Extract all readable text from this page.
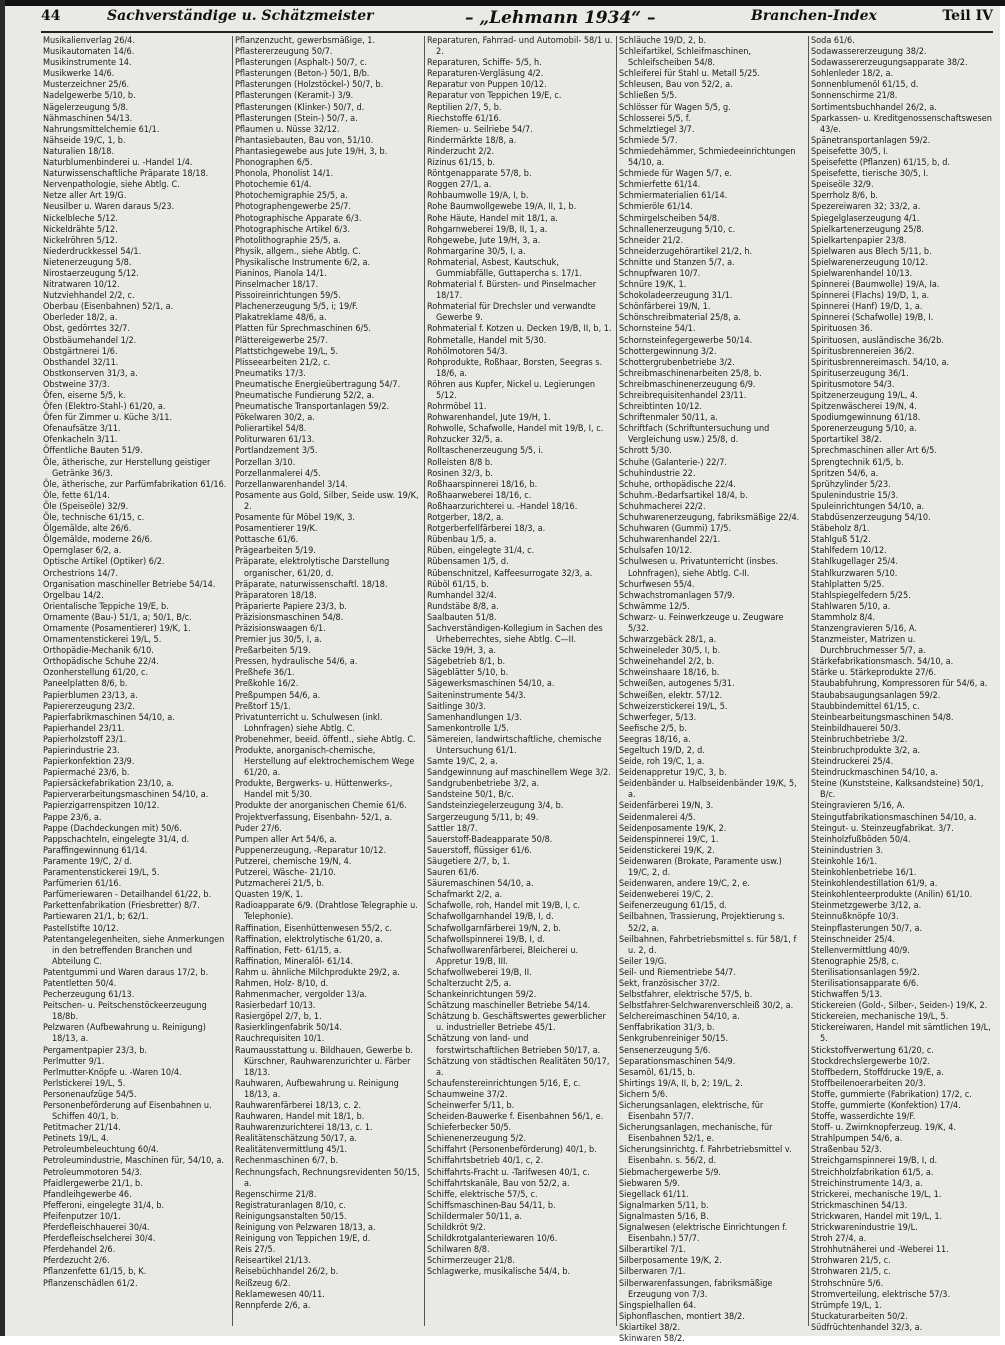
44	Sachverständige u. Schätzmeister	– „Lehmann 1934“ –	Branchen-Index	Teil IV
Musikalienverlag 26/4.
Musikautomaten 14/6.
Musikinstrumente 14.
Musikwerke 14/6.
Musterzeichner 25/6.
Nadelgewerbe 5/10, b.
Nägelerzeugung 5/8.
Nähmaschinen 54/13.
Nahrungsmittelchemie 61/1.
Nähseide 19/C, 1, b.
Naturalien 18/18.
Naturblumenbinderei u. -Handel 1/4.
Naturwissenschaftliche Präparate 18/18.
Nervenpathologie, siehe Abtlg. C.
Netze aller Art 19/G.
Neusilber u. Waren daraus 5/23.
Nickelbleche 5/12.
Nickeldrähte 5/12.
Nickelröhren 5/12.
Niederdruckkessel 54/1.
Nietenerzeugung 5/8.
Nirostaerzeugung 5/12.
Nitratwaren 10/12.
Nutzviehhandel 2/2, c.
Oberbau (Eisenbahnen) 52/1, a.
Oberleder 18/2, a.
Obst, gedörrtes 32/7.
Obstbäumehandel 1/2.
Obstgärtnerei 1/6.
Obsthandel 32/11.
Obstkonserven 31/3, a.
Obstweine 37/3.
Öfen, eiserne 5/5, k.
Öfen (Elektro-Stahl-) 61/20, a.
Öfen für Zimmer u. Küche 3/11.
Ofenaufsätze 3/11.
Ofenkacheln 3/11.
Öffentliche Bauten 51/9.
Öle, ätherische, zur Herstellung geistiger Getränke 36/3.
Öle, ätherische, zur Parfümfabrikation 61/16.
Öle, fette 61/14.
Öle (Speiseöle) 32/9.
Öle, technische 61/15, c.
Ölgemälde, alte 26/6.
Ölgemälde, moderne 26/6.
Opernglaser 6/2, a.
Optische Artikel (Optiker) 6/2.
Orchestrions 14/7.
Organisation maschineller Betriebe 54/14.
Orgelbau 14/2.
Orientalische Teppiche 19/E, b.
Ornamente (Bau-) 51/1, a; 50/1, B/c.
Ornamente (Posamentierer) 19/K, 1.
Ornamentenstickerei 19/L, 5.
Orthopädie-Mechanik 6/10.
Orthopädische Schuhe 22/4.
Ozonherstellung 61/20, c.
Paneelplatten 8/6, b.
Papierblumen 23/13, a.
Papiererzeugung 23/2.
Papierfabrikmaschinen 54/10, a.
Papierhandel 23/11.
Papierholzstoff 23/1.
Papierindustrie 23.
Papierkonfektion 23/9.
Papiermaché 23/6, b.
Papiersäckefabrikation 23/10, a.
Papierverarbeitungsmaschinen 54/10, a.
Papierzigarrenspitzen 10/12.
Pappe 23/6, a.
Pappe (Dachdeckungen mit) 50/6.
Pappschachteln, eingelegte 31/4, d.
Paraffingewinnung 61/14.
Paramente 19/C, 2/ d.
Paramentenstickerei 19/L, 5.
Parfümerien 61/16.
Parfümeriewaren - Detailhandel 61/22, b.
Parkettenfabrikation (Friesbretter) 8/7.
Partiewaren 21/1, b; 62/1.
Pastellstifte 10/12.
Patentangelegenheiten, siehe Anmerkungen in den betreffenden Branchen und Abteilung C.
Patentgummi und Waren daraus 17/2, b.
Patentletten 50/4.
Pecherzeugung 61/13.
Peitschen- u. Peitschenstöckeerzeugung 18/8b.
Pelzwaren (Aufbewahrung u. Reinigung) 18/13, a.
Pergamentpapier 23/3, b.
Perlmutter 9/1.
Perlmutter-Knöpfe u. -Waren 10/4.
Perlstickerei 19/L, 5.
Personenaufzüge 54/5.
Personenbeförderung auf Eisenbahnen u. Schiffen 40/1, b.
Petitmacher 21/14.
Petinets 19/L, 4.
Petroleumbeleuchtung 60/4.
Petroleumindustrie, Maschinen für, 54/10, a.
Petroleummotoren 54/3.
Pfaidlergewerbe 21/1, b.
Pfandleihgewerbe 46.
Pfefferoni, eingelegte 31/4, b.
Pfeifenputzer 10/1.
Pferdefleischhauerei 30/4.
Pferdefleischselcherei 30/4.
Pferdehandel 2/6.
Pferdezucht 2/6.
Pflanzenfette 61/15, b, K.
Pflanzenschädlen 61/2.
Pflanzenzucht, gewerbsmäßige, 1.
Pflastererzeugung 50/7.
Pflasterungen (Asphalt-) 50/7, c.
Pflasterungen (Beton-) 50/1, B/b.
Pflasterungen (Holzstöckel-) 50/7, b.
Pflasterungen (Keramit-) 3/9.
Pflasterungen (Klinker-) 50/7, d.
Pflasterungen (Stein-) 50/7, a.
Pflaumen u. Nüsse 32/12.
Phantasiebauten, Bau von, 51/10.
Phantasiegewebe aus Jute 19/H, 3, b.
Phonographen 6/5.
Phonola, Phonolist 14/1.
Photochemie 61/4.
Photochemigraphie 25/5, a.
Photographengewerbe 25/7.
Photographische Apparate 6/3.
Photographische Artikel 6/3.
Photolithographie 25/5, a.
Physik, allgem., siehe Abtlg. C.
Physikalische Instrumente 6/2, a.
Pianinos, Pianola 14/1.
Pinselmacher 18/17.
Pissoireinrichtungen 59/5.
Plachenerzeugung 5/5, i; 19/F.
Plakatreklame 48/6, a.
Platten für Sprechmaschinen 6/5.
Plättereigewerbe 25/7.
Plattstichgewebe 19/L, 5.
Plisseearbeiten 21/2, c.
Pneumatiks 17/3.
Pneumatische Energieübertragung 54/7.
Pneumatische Fundierung 52/2, a.
Pneumatische Transportanlagen 59/2.
Pökelwaren 30/2, a.
Polierartikel 54/8.
Politurwaren 61/13.
Portlandzement 3/5.
Porzellan 3/10.
Porzellanmalerei 4/5.
Porzellanwarenhandel 3/14.
Posamente aus Gold, Silber, Seide usw. 19/K, 2.
Posamente für Möbel 19/K, 3.
Posamentierer 19/K.
Pottasche 61/6.
Prägearbeiten 5/19.
Präparate, elektrolytische Darstellung organischer, 61/20, d.
Präparate, naturwissenschaftl. 18/18.
Präparatoren 18/18.
Präparierte Papiere 23/3, b.
Präzisionsmaschinen 54/8.
Präzisionswaagen 6/1.
Premier jus 30/5, I, a.
Preßarbeiten 5/19.
Pressen, hydraulische 54/6, a.
Preßhefe 36/1.
Preßkohle 16/2.
Preßpumpen 54/6, a.
Preßtorf 15/1.
Privatunterricht u. Schulwesen (inkl. Lohnfragen) siehe Abtlg. C.
Probenehmer, beeid. öffentl., siehe Abtlg. C.
Produkte, anorganisch-chemische, Herstellung auf elektrochemischem Wege 61/20, a.
Produkte, Bergwerks- u. Hüttenwerks-, Handel mit 5/30.
Produkte der anorganischen Chemie 61/6.
Projektverfassung, Eisenbahn- 52/1, a.
Puder 27/6.
Pumpen aller Art 54/6, a.
Puppenerzeugung, -Reparatur 10/12.
Putzerei, chemische 19/N, 4.
Putzerei, Wäsche- 21/10.
Putzmacherei 21/5, b.
Quasten 19/K, 1.
Radioapparate 6/9. (Drahtlose Telegraphie u. Telephonie).
Raffination, Eisenhüttenwesen 55/2, c.
Raffination, elektrolytische 61/20, a.
Raffination, Fett- 61/15, a.
Raffination, Mineralöl- 61/14.
Rahm u. ähnliche Milchprodukte 29/2, a.
Rahmen, Holz- 8/10, d.
Rahmenmacher, vergolder 13/a.
Rasierbedarf 10/13.
Rasiergöpel 2/7, b, 1.
Rasierklingenfabrik 50/14.
Rauchrequisiten 10/1.
Raumausstattung u. Bildhauen, Gewerbe b. Kürschner, Rauhwarenzurichter u. Färber 18/13.
Rauhwaren, Aufbewahrung u. Reinigung 18/13, a.
Rauhwarenfärberei 18/13, c. 2.
Rauhwaren, Handel mit 18/1, b.
Rauhwarenzurichterei 18/13, c. 1.
Realitätenschätzung 50/17, a.
Realitätenvermittlung 45/1.
Rechenmaschinen 6/7, b.
Rechnungsfach, Rechnungsrevidenten 50/15, a.
Regenschirme 21/8.
Registraturanlagen 8/10, c.
Reinigungsanstalten 50/15.
Reinigung von Pelzwaren 18/13, a.
Reinigung von Teppichen 19/E, d.
Reis 27/5.
Reiseartikel 21/13.
Reisebüchhandel 26/2, b.
Reißzeug 6/2.
Reklamewesen 40/11.
Rennpferde 2/6, a.
Reparaturen, Fahrrad- und Automobil- 58/1 u. 2.
Reparaturen, Schiffe- 5/5, h.
Reparaturen-Vergläsung 4/2.
Reparatur von Puppen 10/12.
Reparatur von Teppichen 19/E, c.
Reptilien 2/7, 5, b.
Riechstoffe 61/16.
Riemen- u. Seilriebe 54/7.
Rindermärkte 18/8, a.
Rinderzucht 2/2.
Rizinus 61/15, b.
Röntgenapparate 57/8, b.
Roggen 27/1, a.
Rohbaumwolle 19/A, I, b.
Rohe Baumwollgewebe 19/A, II, 1, b.
Rohe Häute, Handel mit 18/1, a.
Rohgarnweberei 19/B, II, 1, a.
Rohgewebe, Jute 19/H, 3, a.
Rohmargarine 30/5, I, a.
Rohmaterial, Asbest, Kautschuk, Gummiabfälle, Guttapercha s. 17/1.
Rohmaterial f. Bürsten- und Pinselmacher 18/17.
Rohmaterial für Drechsler und verwandte Gewerbe 9.
Rohmaterial f. Kotzen u. Decken 19/B, II, b, 1.
Rohmetalle, Handel mit 5/30.
Rohölmotoren 54/3.
Rohprodukte, Roßhaar, Borsten, Seegras s. 18/6, a.
Röhren aus Kupfer, Nickel u. Legierungen 5/12.
Rohrmöbel 11.
Rohwarenhandel, Jute 19/H, 1.
Rohwolle, Schafwolle, Handel mit 19/B, I, c.
Rohzucker 32/5, a.
Rolltaschenerzeugung 5/5, i.
Rolleisten 8/8 b.
Rosinen 32/3, b.
Roßhaarspinnerei 18/16, b.
Roßhaarweberei 18/16, c.
Roßhaarzurichterei u. -Handel 18/16.
Rotgerber, 18/2, a.
Rotgerberfellfärberei 18/3, a.
Rübenbau 1/5, a.
Rüben, eingelegte 31/4, c.
Rübensamen 1/5, d.
Rübenschnitzel, Kaffeesurrogate 32/3, a.
Rüböl 61/15, b.
Rumhandel 32/4.
Rundstäbe 8/8, a.
Saalbauten 51/8.
Sachverständigen-Kollegium in Sachen des Urheberrechtes, siehe Abtlg. C—II.
Säcke 19/H, 3, a.
Sägebetrieb 8/1, b.
Sägeblätter 5/10, b.
Sägewerksmaschinen 54/10, a.
Saiteninstrumente 54/3.
Saitlinge 30/3.
Samenhandlungen 1/3.
Samenkontrolle 1/5.
Sämereien, landwirtschaftliche, chemische Untersuchung 61/1.
Samte 19/C, 2, a.
Sandgewinnung auf maschinellem Wege 3/2.
Sandgrubenbetriebe 3/2, a.
Sandsteine 50/1, B/c.
Sandsteinziegelerzeugung 3/4, b.
Sargerzeugung 5/11, b; 49.
Sattler 18/7.
Sauerstoff-Badeapparate 50/8.
Sauerstoff, flüssiger 61/6.
Säugetiere 2/7, b, 1.
Sauren 61/6.
Säuremaschinen 54/10, a.
Schafmarkt 2/2, a.
Schafwolle, roh, Handel mit 19/B, I, c.
Schafwollgarnhandel 19/B, I, d.
Schafwollgarnfärberei 19/N, 2, b.
Schafwollspinnerei 19/B, I, d.
Schafwollwarenfärberei, Bleicherei u. Appretur 19/B, III.
Schafwollweberei 19/B, II.
Schalterzucht 2/5, a.
Schankeinrichtungen 59/2.
Schätzung maschineller Betriebe 54/14.
Schätzung b. Geschäftswertes gewerblicher u. industrieller Betriebe 45/1.
Schätzung von land- und forstwirtschaftlichen Betrieben 50/17, a.
Schätzung von städtischen Realitäten 50/17, a.
Schaufenstereinrichtungen 5/16, E, c.
Schaumweine 37/2.
Scheinwerfer 5/11, b.
Scheiden-Bauwerke f. Eisenbahnen 56/1, e.
Schieferbecker 50/5.
Schienenerzeugung 5/2.
Schiffahrt (Personenbeförderung) 40/1, b.
Schiffahrtsbetrieb 40/1, c, 2.
Schiffahrts-Fracht u. -Tarifwesen 40/1, c.
Schiffahrtskanäle, Bau von 52/2, a.
Schiffe, elektrische 57/5, c.
Schiffsmaschinen-Bau 54/11, b.
Schildermaler 50/11, a.
Schildkröt 9/2.
Schildkrotgalanteriewaren 10/6.
Schilwaren 8/8.
Schirmerzeuger 21/8.
Schlagwerke, musikalische 54/4, b.
Schläuche 19/D, 2, b.
Schleifartikel, Schleifmaschinen, Schleifscheiben 54/8.
Schleiferei für Stahl u. Metall 5/25.
Schleusen, Bau von 52/2, a.
Schließen 5/5.
Schlösser für Wagen 5/5, g.
Schlosserei 5/5, f.
Schmelztiegel 3/7.
Schmiede 5/7.
Schmiedehämmer, Schmiedeeinrichtungen 54/10, a.
Schmiede für Wagen 5/7, e.
Schmierfette 61/14.
Schmiermaterialien 61/14.
Schmieröle 61/14.
Schmirgelscheiben 54/8.
Schnallenerzeugung 5/10, c.
Schneider 21/2.
Schneiderzugehörartikel 21/2, h.
Schnitte und Stanzen 5/7, a.
Schnupfwaren 10/7.
Schnüre 19/K, 1.
Schokoladeerzeugung 31/1.
Schönfärberei 19/N, 1.
Schönschreibmaterial 25/8, a.
Schornsteine 54/1.
Schornsteinfegergewerbe 50/14.
Schottergewinnung 3/2.
Schottergrubenbetriebe 3/2.
Schreibmaschinenarbeiten 25/8, b.
Schreibmaschinenerzeugung 6/9.
Schreibrequisitenhandel 23/11.
Schreibtinten 10/12.
Schriftenmaler 50/11, a.
Schriftfach (Schriftuntersuchung und Vergleichung usw.) 25/8, d.
Schrott 5/30.
Schuhe (Galanterie-) 22/7.
Schuhindustrie 22.
Schuhe, orthopädische 22/4.
Schuhm.-Bedarfsartikel 18/4, b.
Schuhmacherei 22/2.
Schuhwarenerzeugung, fabriksmäßige 22/4.
Schuhwaren (Gummi) 17/5.
Schuhwarenhandel 22/1.
Schulsafen 10/12.
Schulwesen u. Privatunterricht (insbes. Lohnfragen), siehe Abtlg. C-II.
Schurfwesen 55/4.
Schwachstromanlagen 57/9.
Schwämme 12/5.
Schwarz- u. Feinwerkzeuge u. Zeugware 5/32.
Schwarzgebäck 28/1, a.
Schweineleder 30/5, I, b.
Schweinehandel 2/2, b.
Schweinshaare 18/16, b.
Schweißen, autogenes 5/31.
Schweißen, elektr. 57/12.
Schweizerstickerei 19/L, 5.
Schwerfeger, 5/13.
Seefische 2/5, b.
Seegras 18/16, a.
Segeltuch 19/D, 2, d.
Seide, roh 19/C, 1, a.
Seidenappretur 19/C, 3, b.
Seidenbänder u. Halbseidenbänder 19/K, 5, a.
Seidenfärberei 19/N, 3.
Seidenmalerei 4/5.
Seidenposamente 19/K, 2.
Seidenspinnerei 19/C, 1.
Seidenstickerei 19/K, 2.
Seidenwaren (Brokate, Paramente usw.) 19/C, 2, d.
Seidenwaren, andere 19/C, 2, e.
Seidenweberei 19/C, 2.
Seifenerzeugung 61/15, d.
Seilbahnen, Trassierung, Projektierung s. 52/2, a.
Seilbahnen, Fahrbetriebsmittel s. für 58/1, f u. 2, d.
Seiler 19/G.
Seil- und Riementriebe 54/7.
Sekt, französischer 37/2.
Selbstfahrer, elektrische 57/5, b.
Selbstfahrer-Selchwarenverschleiß 30/2, a.
Selchereimaschinen 54/10, a.
Senffabrikation 31/3, b.
Senkgrubenreiniger 50/15.
Sensenerzeugung 5/6.
Separationsmaschinen 54/9.
Sesamöl, 61/15, b.
Shirtings 19/A, II, b, 2; 19/L, 2.
Sichern 5/6.
Sicherungsanlagen, elektrische, für Eisenbahn 57/7.
Sicherungsanlagen, mechanische, für Eisenbahnen 52/1, e.
Sicherungsinrichtg. f. Fahrbetriebsmittel v. Eisenbahn. s. 56/2, d.
Siebmachergewerbe 5/9.
Siebwaren 5/9.
Siegellack 61/11.
Signalmarken 5/11, b.
Signalmasten 5/16, B.
Signalwesen (elektrische Einrichtungen f. Eisenbahn.) 57/7.
Silberartikel 7/1.
Silberposamente 19/K, 2.
Silberwaren 7/1.
Silberwarenfassungen, fabriksmäßige Erzeugung von 7/3.
Singspielhallen 64.
Siphonflaschen, montiert 38/2.
Skiartikel 38/2.
Skinwaren 58/2.
Soda 61/6.
Sodawassererzeugung 38/2.
Sodawassererzeugungsapparate 38/2.
Sohlenleder 18/2, a.
Sonnenblumenöl 61/15, d.
Sonnenschirme 21/8.
Sortimentsbuchhandel 26/2, a.
Sparkassen- u. Kreditgenossenschaftswesen 43/e.
Spänetransportanlagen 59/2.
Speisefette 30/5, I.
Speisefette (Pflanzen) 61/15, b, d.
Speisefette, tierische 30/5, I.
Speiseöle 32/9.
Sperrholz 8/6, b.
Spezereiwaren 32; 33/2, a.
Spiegelglaserzeugung 4/1.
Spielkartenerzeugung 25/8.
Spielkartenpapier 23/8.
Spielwaren aus Blech 5/11, b.
Spielwarenerzeugung 10/12.
Spielwarenhandel 10/13.
Spinnerei (Baumwolle) 19/A, Ia.
Spinnerei (Flachs) 19/D, 1, a.
Spinnerei (Hanf) 19/D, 1, a.
Spinnerei (Schafwolle) 19/B, I.
Spirituosen 36.
Spirituosen, ausländische 36/2b.
Spiritusbrennereien 36/2.
Spiritusbrennereimasch. 54/10, a.
Spirituserzeugung 36/1.
Spiritusmotore 54/3.
Spitzenerzeugung 19/L, 4.
Spitzenwäscherei 19/N, 4.
Spodiumgewinnung 61/18.
Sporenerzeugung 5/10, a.
Sportartikel 38/2.
Sprechmaschinen aller Art 6/5.
Sprengtechnik 61/5, b.
Spritzen 54/6, a.
Sprühzylinder 5/23.
Spulenindustrie 15/3.
Spuleinrichtungen 54/10, a.
Stabdüsenzerzeugung 54/10.
Stäbeholz 8/1.
Stahlguß 51/2.
Stahlfedern 10/12.
Stahlkugellager 25/4.
Stahlkurzwaren 5/10.
Stahlplatten 5/25.
Stahlspiegelfedern 5/25.
Stahlwaren 5/10, a.
Stammholz 8/4.
Stanzengravieren 5/16, A.
Stanzmeister, Matrizen u. Durchbruchmesser 5/7, a.
Stärkefabrikationsmasch. 54/10, a.
Stärke u. Stärkeprodukte 27/6.
Staubabfuhrung, Kompressoren für 54/6, a.
Staubabsaugungsanlagen 59/2.
Staubbindemittel 61/15, c.
Steinbearbeitungsmaschinen 54/8.
Steinbildhauerei 50/3.
Steinbruchbetriebe 3/2.
Steinbruchprodukte 3/2, a.
Steindruckerei 25/4.
Steindruckmaschinen 54/10, a.
Steine (Kunststeine, Kalksandsteine) 50/1, B/c.
Steingravieren 5/16, A.
Steingutfabrikationsmaschinen 54/10, a.
Steingut- u. Steinzeugfabrikat. 3/7.
Steinholzfußböden 50/4.
Steinindustrien 3.
Steinkohle 16/1.
Steinkohlenbetriebe 16/1.
Steinkohlendestillation 61/9, a.
Steinkohlenteerprodukte (Anilin) 61/10.
Steinmetzgewerbe 3/12, a.
Steinnußknöpfe 10/3.
Steinpflasterungen 50/7, a.
Steinschneider 25/4.
Stellenvermittlung 40/9.
Stenographie 25/8, c.
Sterilisationsanlagen 59/2.
Sterilisationsapparate 6/6.
Stichwaffen 5/13.
Stickereien (Gold-, Silber-, Seiden-) 19/K, 2.
Stickereien, mechanische 19/L, 5.
Stickereiwaren, Handel mit sämtlichen 19/L, 5.
Stickstoffverwertung 61/20, c.
Stockdrechslergewerbe 10/2.
Stoffbedern, Stoffdrucke 19/E, a.
Stoffbeilenoerarbeiten 20/3.
Stoffe, gummierte (Fabrikation) 17/2, c.
Stoffe, gummierte (Konfektion) 17/4.
Stoffe, wasserdichte 19/F.
Stoff- u. Zwirnknopferzeug. 19/K, 4.
Strahlpumpen 54/6, a.
Straßenbau 52/3.
Streichgarnspinnerei 19/B, I, d.
Streichholzfabrikation 61/5, a.
Streichinstrumente 14/3, a.
Strickerei, mechanische 19/L, 1.
Strickmaschinen 54/13.
Strickwaren, Handel mit 19/L, 1.
Strickwarenindustrie 19/L.
Stroh 27/4, a.
Strohhutnäherei und -Weberei 11.
Strohwaren 21/5, c.
Strohwaren 21/5, c.
Strohschnüre 5/6.
Stromverteilung, elektrische 57/3.
Strümpfe 19/L, 1.
Stuckaturarbeiten 50/2.
Südfrüchtenhandel 32/3, a.
